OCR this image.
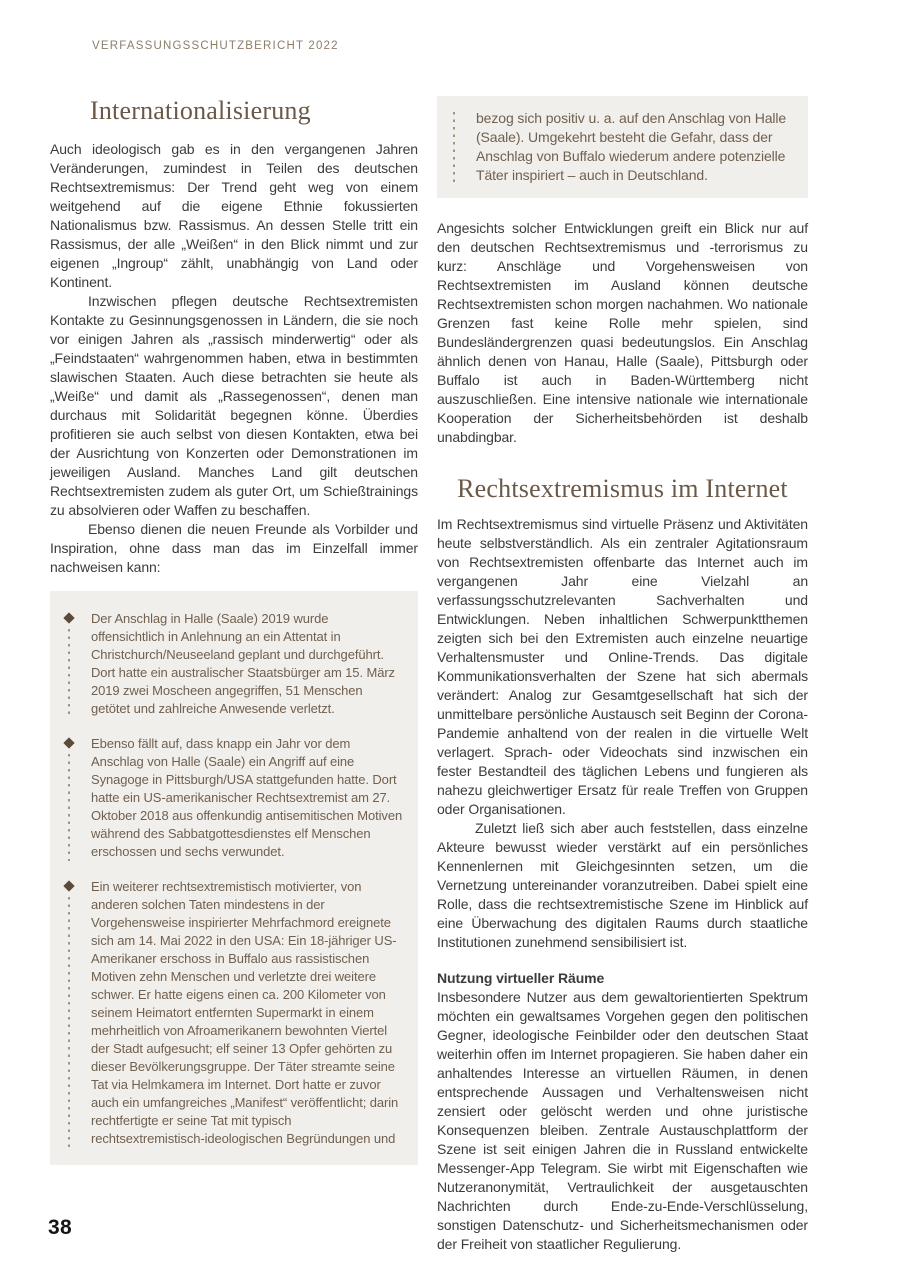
VERFASSUNGSSCHUTZBERICHT 2022
Internationalisierung

Auch ideologisch gab es in den vergangenen Jahren Veränderungen, zumindest in Teilen des deutschen Rechtsextremismus: Der Trend geht weg von einem weitgehend auf die eigene Ethnie fokussierten Nationalismus bzw. Rassismus. An dessen Stelle tritt ein Rassismus, der alle „Weißen“ in den Blick nimmt und zur eigenen „Ingroup“ zählt, unabhängig von Land oder Kontinent.

Inzwischen pflegen deutsche Rechtsextremisten Kontakte zu Gesinnungsgenossen in Ländern, die sie noch vor einigen Jahren als „rassisch minderwertig“ oder als „Feindstaaten“ wahrgenommen haben, etwa in bestimmten slawischen Staaten. Auch diese betrachten sie heute als „Weiße“ und damit als „Rassegenossen“, denen man durchaus mit Solidarität begegnen könne. Überdies profitieren sie auch selbst von diesen Kontakten, etwa bei der Ausrichtung von Konzerten oder Demonstrationen im jeweiligen Ausland. Manches Land gilt deutschen Rechtsextremisten zudem als guter Ort, um Schießtrainings zu absolvieren oder Waffen zu beschaffen.

Ebenso dienen die neuen Freunde als Vorbilder und Inspiration, ohne dass man das im Einzelfall immer nachweisen kann:

Der Anschlag in Halle (Saale) 2019 wurde offensichtlich in Anlehnung an ein Attentat in Christchurch/Neuseeland geplant und durchgeführt. Dort hatte ein australischer Staatsbürger am 15. März 2019 zwei Moscheen angegriffen, 51 Menschen getötet und zahlreiche Anwesende verletzt.
Ebenso fällt auf, dass knapp ein Jahr vor dem Anschlag von Halle (Saale) ein Angriff auf eine Synagoge in Pittsburgh/USA stattgefunden hatte. Dort hatte ein US-amerikanischer Rechtsextremist am 27. Oktober 2018 aus offenkundig antisemitischen Motiven während des Sabbatgottesdienstes elf Menschen erschossen und sechs verwundet.
Ein weiterer rechtsextremistisch motivierter, von anderen solchen Taten mindestens in der Vorgehensweise inspirierter Mehrfachmord ereignete sich am 14. Mai 2022 in den USA: Ein 18-jähriger US-Amerikaner erschoss in Buffalo aus rassistischen Motiven zehn Menschen und verletzte drei weitere schwer. Er hatte eigens einen ca. 200 Kilometer von seinem Heimatort entfernten Supermarkt in einem mehrheitlich von Afroamerikanern bewohnten Viertel der Stadt aufgesucht; elf seiner 13 Opfer gehörten zu dieser Bevölkerungsgruppe. Der Täter streamte seine Tat via Helmkamera im Internet. Dort hatte er zuvor auch ein umfangreiches „Manifest“ veröffentlicht; darin rechtfertigte er seine Tat mit typisch rechtsextremistisch-ideologischen Begründungen und
bezog sich positiv u. a. auf den Anschlag von Halle (Saale). Umgekehrt besteht die Gefahr, dass der Anschlag von Buffalo wiederum andere potenzielle Täter inspiriert – auch in Deutschland.

Angesichts solcher Entwicklungen greift ein Blick nur auf den deutschen Rechtsextremismus und -terrorismus zu kurz: Anschläge und Vorgehensweisen von Rechtsextremisten im Ausland können deutsche Rechtsextremisten schon morgen nachahmen. Wo nationale Grenzen fast keine Rolle mehr spielen, sind Bundesländergrenzen quasi bedeutungslos. Ein Anschlag ähnlich denen von Hanau, Halle (Saale), Pittsburgh oder Buffalo ist auch in Baden-Württemberg nicht auszuschließen. Eine intensive nationale wie internationale Kooperation der Sicherheitsbehörden ist deshalb unabdingbar.

Rechtsextremismus im Internet

Im Rechtsextremismus sind virtuelle Präsenz und Aktivitäten heute selbstverständlich. Als ein zentraler Agitationsraum von Rechtsextremisten offenbarte das Internet auch im vergangenen Jahr eine Vielzahl an verfassungsschutzrelevanten Sachverhalten und Entwicklungen. Neben inhaltlichen Schwerpunktthemen zeigten sich bei den Extremisten auch einzelne neuartige Verhaltensmuster und Online-Trends. Das digitale Kommunikationsverhalten der Szene hat sich abermals verändert: Analog zur Gesamtgesellschaft hat sich der unmittelbare persönliche Austausch seit Beginn der Corona-Pandemie anhaltend von der realen in die virtuelle Welt verlagert. Sprach- oder Videochats sind inzwischen ein fester Bestandteil des täglichen Lebens und fungieren als nahezu gleichwertiger Ersatz für reale Treffen von Gruppen oder Organisationen.

Zuletzt ließ sich aber auch feststellen, dass einzelne Akteure bewusst wieder verstärkt auf ein persönliches Kennenlernen mit Gleichgesinnten setzen, um die Vernetzung untereinander voranzutreiben. Dabei spielt eine Rolle, dass die rechtsextremistische Szene im Hinblick auf eine Überwachung des digitalen Raums durch staatliche Institutionen zunehmend sensibilisiert ist.

Nutzung virtueller Räume

Insbesondere Nutzer aus dem gewaltorientierten Spektrum möchten ein gewaltsames Vorgehen gegen den politischen Gegner, ideologische Feinbilder oder den deutschen Staat weiterhin offen im Internet propagieren. Sie haben daher ein anhaltendes Interesse an virtuellen Räumen, in denen entsprechende Aussagen und Verhaltensweisen nicht zensiert oder gelöscht werden und ohne juristische Konsequenzen bleiben. Zentrale Austauschplattform der Szene ist seit einigen Jahren die in Russland entwickelte Messenger-App Telegram. Sie wirbt mit Eigenschaften wie Nutzeranonymität, Vertraulichkeit der ausgetauschten Nachrichten durch Ende-zu-Ende-Verschlüsselung, sonstigen Datenschutz- und Sicherheitsmechanismen oder der Freiheit von staatlicher Regulierung.

38
